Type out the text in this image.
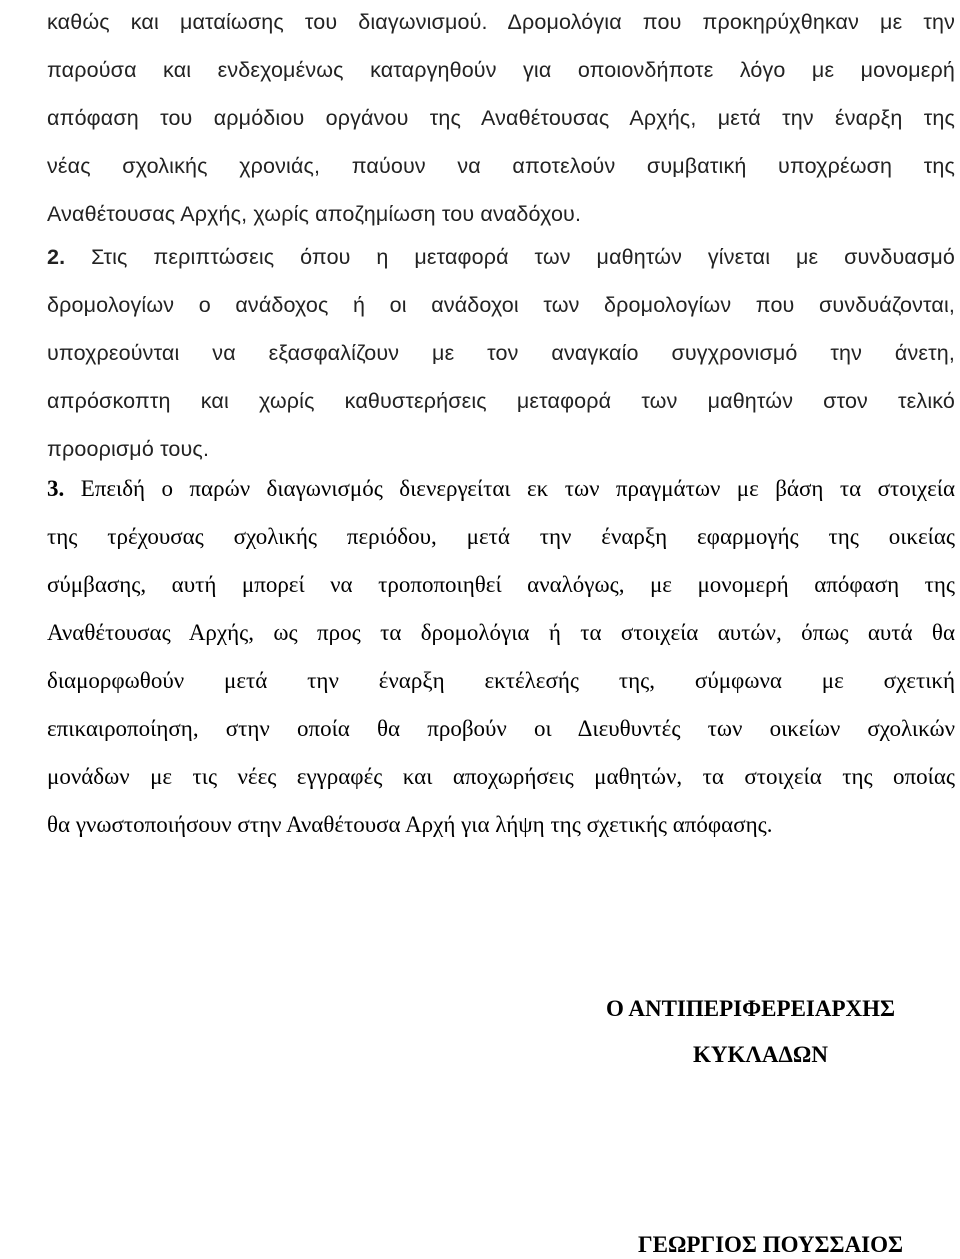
καθώς και ματαίωσης του διαγωνισμού. Δρομολόγια που προκηρύχθηκαν με την
παρούσα και ενδεχομένως καταργηθούν για οποιονδήποτε λόγο με μονομερή
απόφαση του αρμόδιου οργάνου της Αναθέτουσας Αρχής, μετά την έναρξη της
νέας σχολικής χρονιάς, παύουν να αποτελούν συμβατική υποχρέωση της
Αναθέτουσας Αρχής, χωρίς αποζημίωση του αναδόχου.
2. Στις περιπτώσεις όπου η μεταφορά των μαθητών γίνεται με συνδυασμό
δρομολογίων ο ανάδοχος ή οι ανάδοχοι των δρομολογίων που συνδυάζονται,
υποχρεούνται να εξασφαλίζουν με τον αναγκαίο συγχρονισμό την άνετη,
απρόσκοπτη και χωρίς καθυστερήσεις μεταφορά των μαθητών στον τελικό
προορισμό τους.
3. Επειδή ο παρών διαγωνισμός διενεργείται εκ των πραγμάτων με βάση τα στοιχεία
της τρέχουσας σχολικής περιόδου, μετά την έναρξη εφαρμογής της οικείας
σύμβασης, αυτή μπορεί να τροποποιηθεί αναλόγως, με μονομερή απόφαση της
Αναθέτουσας Αρχής, ως προς τα δρομολόγια ή τα στοιχεία αυτών, όπως αυτά θα
διαμορφωθούν μετά την έναρξη εκτέλεσής της, σύμφωνα με σχετική
επικαιροποίηση, στην οποία θα προβούν οι Διευθυντές των οικείων σχολικών
μονάδων με τις νέες εγγραφές και αποχωρήσεις μαθητών, τα στοιχεία της οποίας
θα γνωστοποιήσουν στην Αναθέτουσα Αρχή για λήψη της σχετικής απόφασης.
Ο ΑΝΤΙΠΕΡΙΦΕΡΕΙΑΡΧΗΣ
ΚΥΚΛΑΔΩΝ
ΓΕΩΡΓΙΟΣ ΠΟΥΣΣΑΙΟΣ
